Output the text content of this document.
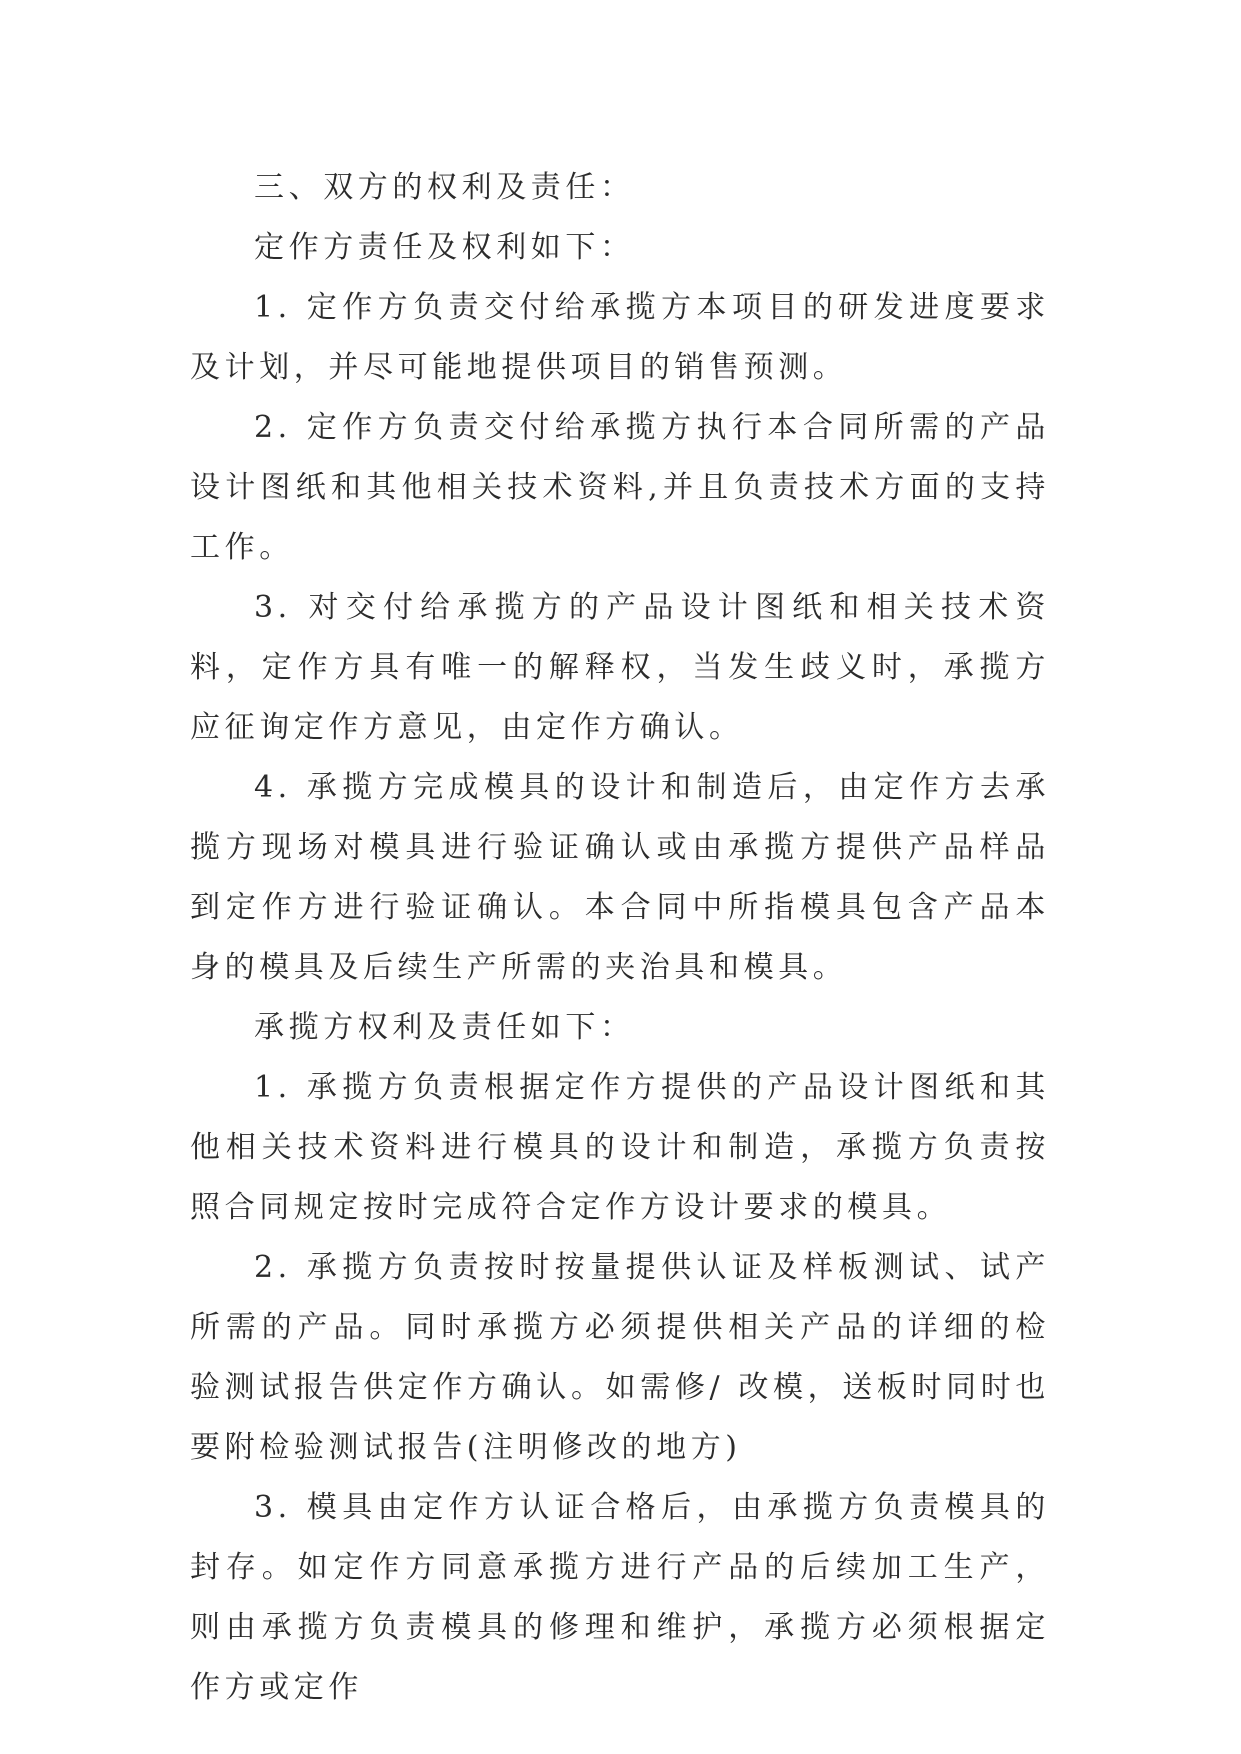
三、双方的权利及责任：

定作方责任及权利如下：

1. 定作方负责交付给承揽方本项目的研发进度要求及计划，并尽可能地提供项目的销售预测。

2. 定作方负责交付给承揽方执行本合同所需的产品设计图纸和其他相关技术资料,并且负责技术方面的支持工作。

3. 对交付给承揽方的产品设计图纸和相关技术资料，定作方具有唯一的解释权，当发生歧义时，承揽方应征询定作方意见，由定作方确认。

4. 承揽方完成模具的设计和制造后，由定作方去承揽方现场对模具进行验证确认或由承揽方提供产品样品到定作方进行验证确认。本合同中所指模具包含产品本身的模具及后续生产所需的夹治具和模具。

承揽方权利及责任如下：

1. 承揽方负责根据定作方提供的产品设计图纸和其他相关技术资料进行模具的设计和制造，承揽方负责按照合同规定按时完成符合定作方设计要求的模具。

2. 承揽方负责按时按量提供认证及样板测试、试产所需的产品。同时承揽方必须提供相关产品的详细的检验测试报告供定作方确认。如需修/ 改模，送板时同时也要附检验测试报告(注明修改的地方)

3. 模具由定作方认证合格后，由承揽方负责模具的封存。如定作方同意承揽方进行产品的后续加工生产，则由承揽方负责模具的修理和维护，承揽方必须根据定作方或定作
